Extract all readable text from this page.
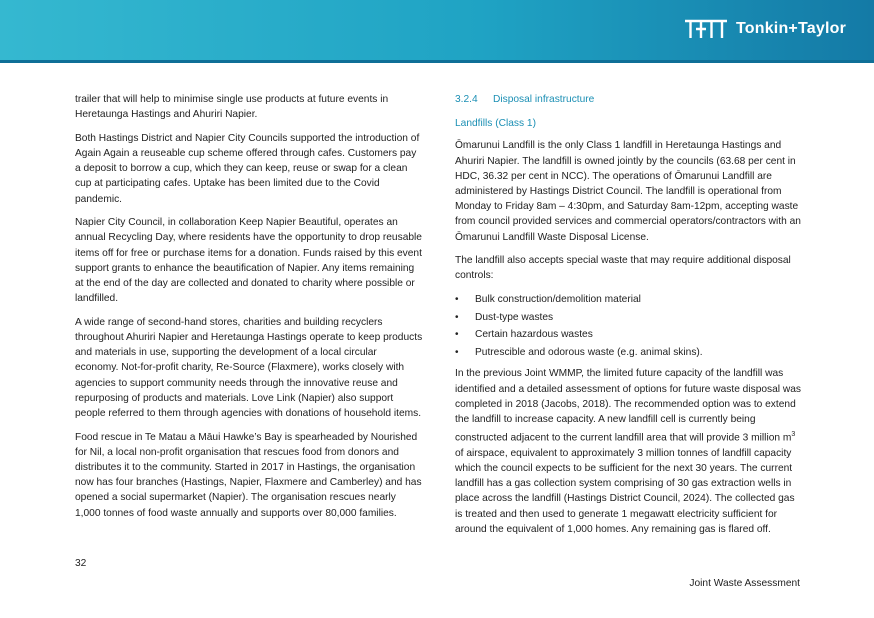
Tonkin+Taylor

trailer that will help to minimise single use products at future events in Heretaunga Hastings and Ahuriri Napier.

Both Hastings District and Napier City Councils supported the introduction of Again Again a reuseable cup scheme offered through cafes. Customers pay a deposit to borrow a cup, which they can keep, reuse or swap for a clean cup at participating cafes. Uptake has been limited due to the Covid pandemic.

Napier City Council, in collaboration Keep Napier Beautiful, operates an annual Recycling Day, where residents have the opportunity to drop reusable items off for free or purchase items for a donation. Funds raised by this event support grants to enhance the beautification of Napier. Any items remaining at the end of the day are collected and donated to charity where possible or landfilled.

A wide range of second-hand stores, charities and building recyclers throughout Ahuriri Napier and Heretaunga Hastings operate to keep products and materials in use, supporting the development of a local circular economy. Not-for-profit charity, Re-Source (Flaxmere), works closely with agencies to support community needs through the innovative reuse and repurposing of products and materials. Love Link (Napier) also support people referred to them through agencies with donations of household items.

Food rescue in Te Matau a Māui Hawke’s Bay is spearheaded by Nourished for Nil, a local non-profit organisation that rescues food from donors and distributes it to the community. Started in 2017 in Hastings, the organisation now has four branches (Hastings, Napier, Flaxmere and Camberley) and has opened a social supermarket (Napier). The organisation rescues nearly 1,000 tonnes of food waste annually and supports over 80,000 families.

3.2.4 Disposal infrastructure
Landfills (Class 1)

Ōmarunui Landfill is the only Class 1 landfill in Heretaunga Hastings and Ahuriri Napier. The landfill is owned jointly by the councils (63.68 per cent in HDC, 36.32 per cent in NCC). The operations of Ōmarunui Landfill are administered by Hastings District Council. The landfill is operational from Monday to Friday 8am – 4:30pm, and Saturday 8am-12pm, accepting waste from council provided services and commercial operators/contractors with an Ōmarunui Landfill Waste Disposal License.

The landfill also accepts special waste that may require additional disposal controls:

• Bulk construction/demolition material
• Dust-type wastes
• Certain hazardous wastes
• Putrescible and odorous waste (e.g. animal skins).

In the previous Joint WMMP, the limited future capacity of the landfill was identified and a detailed assessment of options for future waste disposal was completed in 2018 (Jacobs, 2018). The recommended option was to extend the landfill to increase capacity. A new landfill cell is currently being constructed adjacent to the current landfill area that will provide 3 million $m^3$ of airspace, equivalent to approximately 3 million tonnes of landfill capacity which the council expects to be sufficient for the next 30 years. The current landfill has a gas collection system comprising of 30 gas extraction wells in place across the landfill (Hastings District Council, 2024). The collected gas is treated and then used to generate 1 megawatt electricity sufficient for around the equivalent of 1,000 homes. Any remaining gas is flared off.

32
Joint Waste Assessment
